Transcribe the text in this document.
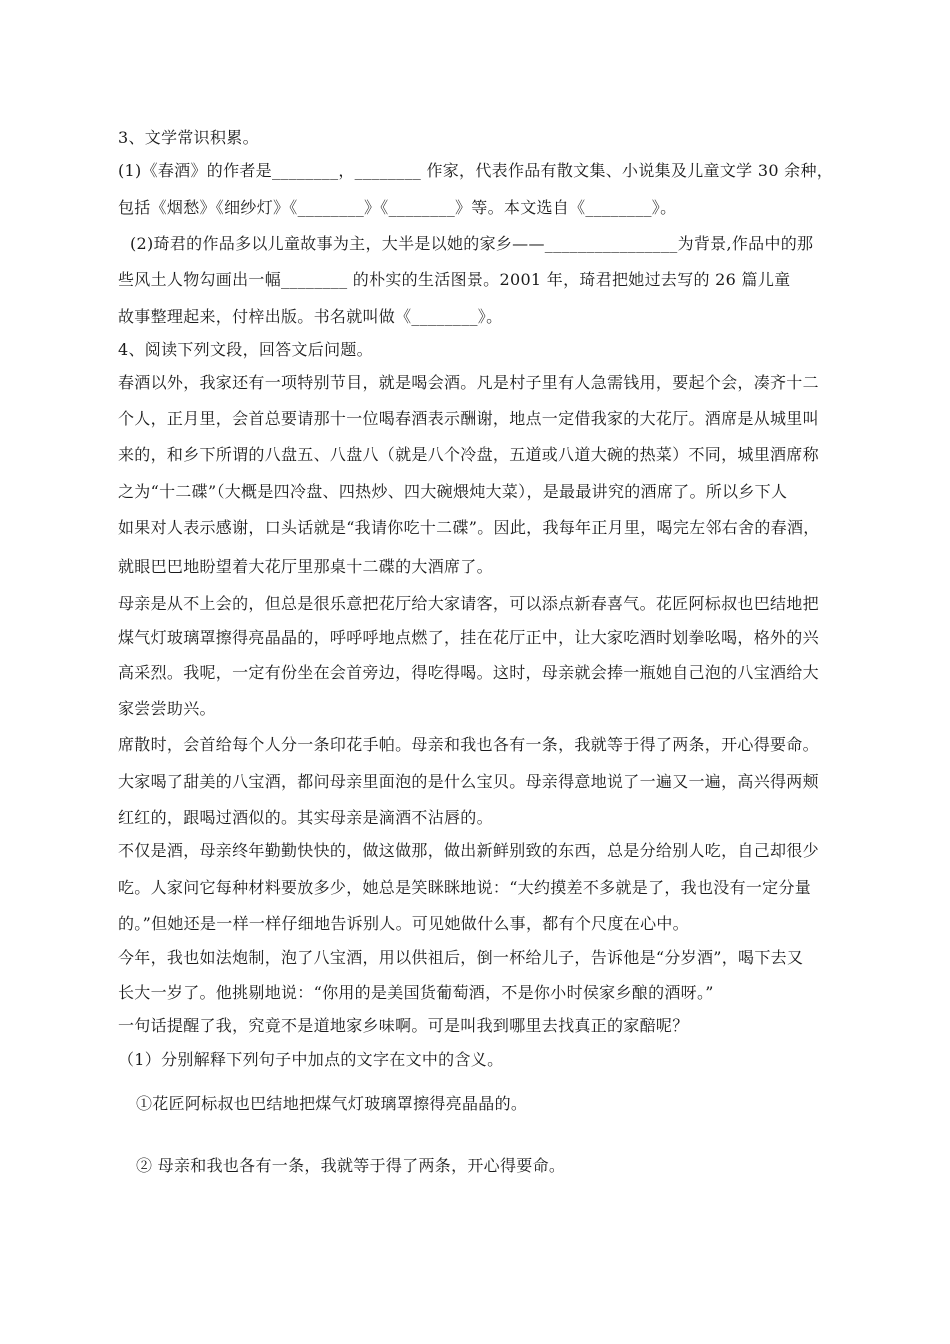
3、文学常识积累。
(1)《春酒》的作者是________，________ 作家，代表作品有散文集、小说集及儿童文学 30 余种，
包括《烟愁》《细纱灯》《________》《________》等。本文选自《________》。
(2)琦君的作品多以儿童故事为主，大半是以她的家乡——________________为背景,作品中的那
些风土人物勾画出一幅________ 的朴实的生活图景。2001 年，琦君把她过去写的 26 篇儿童
故事整理起来，付梓出版。书名就叫做《________》。
4、阅读下列文段，回答文后问题。
春酒以外，我家还有一项特别节目，就是喝会酒。凡是村子里有人急需钱用，要起个会，凑齐十二
个人，正月里，会首总要请那十一位喝春酒表示酬谢，地点一定借我家的大花厅。酒席是从城里叫
来的，和乡下所谓的八盘五、八盘八（就是八个冷盘，五道或八道大碗的热菜）不同，城里酒席称
之为“十二碟”（大概是四冷盘、四热炒、四大碗煨炖大菜），是最最讲究的酒席了。所以乡下人
如果对人表示感谢，口头话就是“我请你吃十二碟”。因此，我每年正月里，喝完左邻右舍的春酒，
就眼巴巴地盼望着大花厅里那桌十二碟的大酒席了。
母亲是从不上会的，但总是很乐意把花厅给大家请客，可以添点新春喜气。花匠阿标叔也巴结地把
煤气灯玻璃罩擦得亮晶晶的，呼呼呼地点燃了，挂在花厅正中，让大家吃酒时划拳吆喝，格外的兴
高采烈。我呢，一定有份坐在会首旁边，得吃得喝。这时，母亲就会捧一瓶她自己泡的八宝酒给大
家尝尝助兴。
席散时，会首给每个人分一条印花手帕。母亲和我也各有一条，我就等于得了两条，开心得要命。
大家喝了甜美的八宝酒，都问母亲里面泡的是什么宝贝。母亲得意地说了一遍又一遍，高兴得两颊
红红的，跟喝过酒似的。其实母亲是滴酒不沾唇的。
不仅是酒，母亲终年勤勤快快的，做这做那，做出新鲜别致的东西，总是分给别人吃，自己却很少
吃。人家问它每种材料要放多少，她总是笑眯眯地说：“大约摸差不多就是了，我也没有一定分量
的。”但她还是一样一样仔细地告诉别人。可见她做什么事，都有个尺度在心中。
今年，我也如法炮制，泡了八宝酒，用以供祖后，倒一杯给儿子，告诉他是“分岁酒”，喝下去又
长大一岁了。他挑剔地说：“你用的是美国货葡萄酒，不是你小时侯家乡酿的酒呀。”
一句话提醒了我，究竟不是道地家乡味啊。可是叫我到哪里去找真正的家醅呢？
（1）分别解释下列句子中加点的文字在文中的含义。
①花匠阿标叔也巴结地把煤气灯玻璃罩擦得亮晶晶的。
② 母亲和我也各有一条，我就等于得了两条，开心得要命。
